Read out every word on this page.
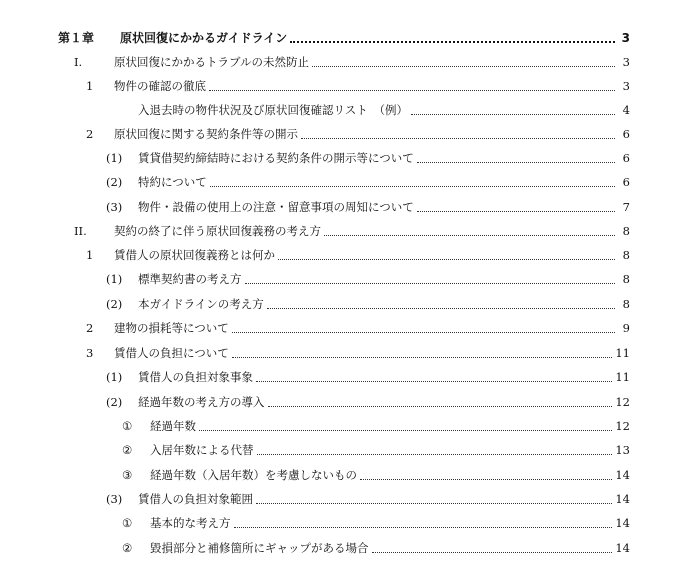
第１章	原状回復にかかるガイドライン	3
I.	原状回復にかかるトラブルの未然防止	3
1	物件の確認の徹底	3
入退去時の物件状況及び原状回復確認リスト　（例）	4
2	原状回復に関する契約条件等の開示	6
(1)	賃貸借契約締結時における契約条件の開示等について	6
(2)	特約について	6
(3)	物件・設備の使用上の注意・留意事項の周知について	7
II.	契約の終了に伴う原状回復義務の考え方	8
1	賃借人の原状回復義務とは何か	8
(1)	標準契約書の考え方	8
(2)	本ガイドラインの考え方	8
2	建物の損耗等について	9
3	賃借人の負担について	11
(1)	賃借人の負担対象事象	11
(2)	経過年数の考え方の導入	12
①	経過年数	12
②	入居年数による代替	13
③	経過年数（入居年数）を考慮しないもの	14
(3)	賃借人の負担対象範囲	14
①	基本的な考え方	14
②	毀損部分と補修箇所にギャップがある場合	14
